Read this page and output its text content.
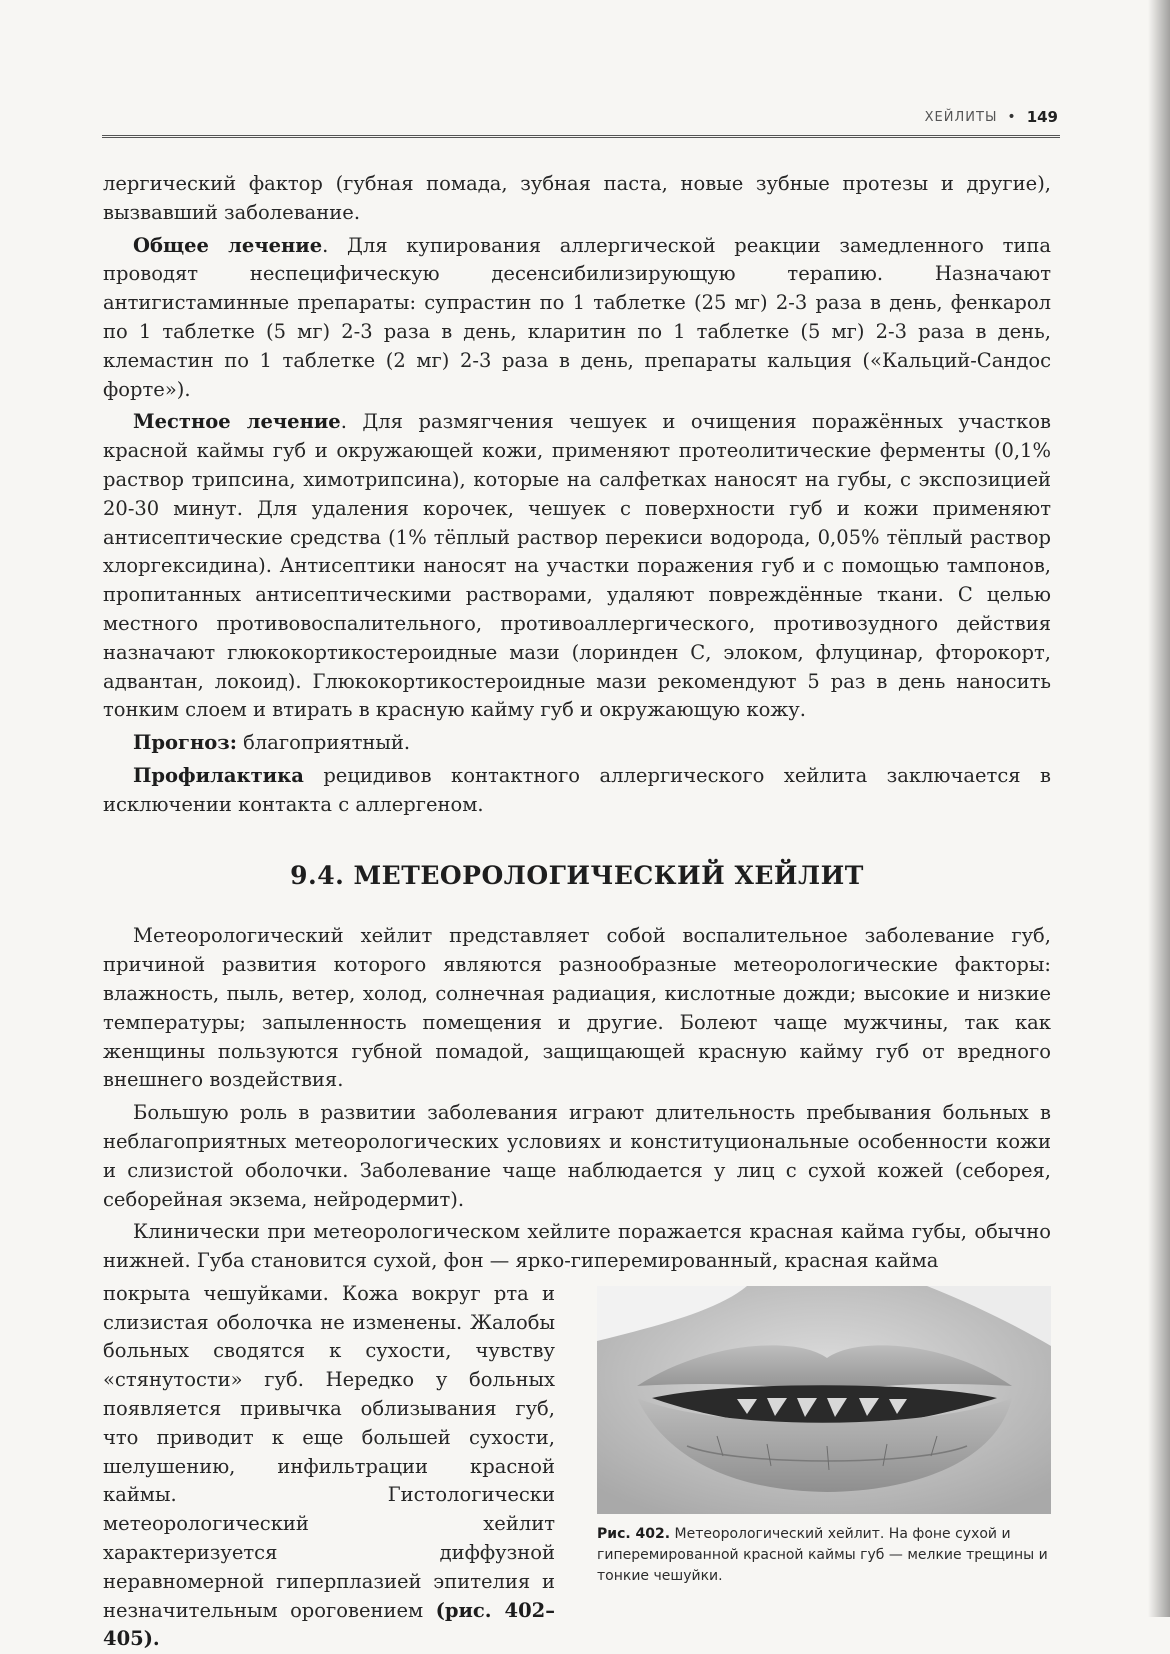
ХЕЙЛИТЫ • 149

лергический фактор (губная помада, зубная паста, новые зубные протезы и другие), вызвавший заболевание.

Общее лечение. Для купирования аллергической реакции замедленного типа проводят неспецифическую десенсибилизирующую терапию. Назначают антигистаминные препараты: супрастин по 1 таблетке (25 мг) 2-3 раза в день, фенкарол по 1 таблетке (5 мг) 2-3 раза в день, кларитин по 1 таблетке (5 мг) 2-3 раза в день, клемастин по 1 таблетке (2 мг) 2-3 раза в день, препараты кальция («Кальций-Сандос форте»).

Местное лечение. Для размягчения чешуек и очищения поражённых участков красной каймы губ и окружающей кожи, применяют протеолитические ферменты (0,1% раствор трипсина, химотрипсина), которые на салфетках наносят на губы, с экспозицией 20-30 минут. Для удаления корочек, чешуек с поверхности губ и кожи применяют антисептические средства (1% тёплый раствор перекиси водорода, 0,05% тёплый раствор хлоргексидина). Антисептики наносят на участки поражения губ и с помощью тампонов, пропитанных антисептическими растворами, удаляют повреждённые ткани. С целью местного противовоспалительного, противоаллергического, противозудного действия назначают глюкокортикостероидные мази (лоринден С, элоком, флуцинар, фторокорт, адвантан, локоид). Глюкокортикостероидные мази рекомендуют 5 раз в день наносить тонким слоем и втирать в красную кайму губ и окружающую кожу.

Прогноз: благоприятный.

Профилактика рецидивов контактного аллергического хейлита заключается в исключении контакта с аллергеном.

9.4. МЕТЕОРОЛОГИЧЕСКИЙ ХЕЙЛИТ

Метеорологический хейлит представляет собой воспалительное заболевание губ, причиной развития которого являются разнообразные метеорологические факторы: влажность, пыль, ветер, холод, солнечная радиация, кислотные дожди; высокие и низкие температуры; запыленность помещения и другие. Болеют чаще мужчины, так как женщины пользуются губной помадой, защищающей красную кайму губ от вредного внешнего воздействия.

Большую роль в развитии заболевания играют длительность пребывания больных в неблагоприятных метеорологических условиях и конституциональные особенности кожи и слизистой оболочки. Заболевание чаще наблюдается у лиц с сухой кожей (себорея, себорейная экзема, нейродермит).

Клинически при метеорологическом хейлите поражается красная кайма губы, обычно нижней. Губа становится сухой, фон — ярко-гиперемированный, красная кайма

покрыта чешуйками. Кожа вокруг рта и слизистая оболочка не изменены. Жалобы больных сводятся к сухости, чувству «стянутости» губ. Нередко у больных появляется привычка облизывания губ, что приводит к еще большей сухости, шелушению, инфильтрации красной каймы. Гистологически метеорологический хейлит характеризуется диффузной неравномерной гиперплазией эпителия и незначительным ороговением (рис. 402–405).

Рис. 402. Метеорологический хейлит. На фоне сухой и гиперемированной красной каймы губ — мелкие трещины и тонкие чешуйки.
